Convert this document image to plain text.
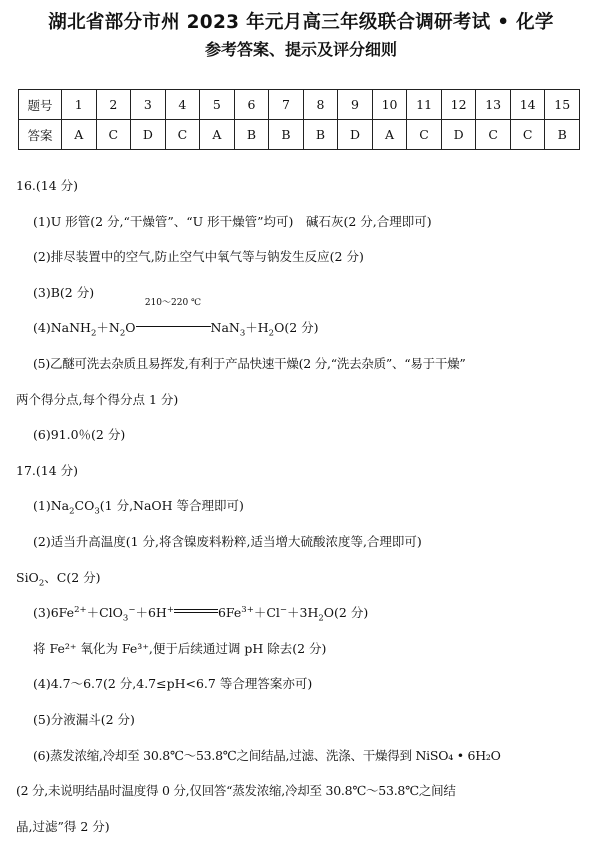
湖北省部分市州 2023 年元月高三年级联合调研考试 • 化学
参考答案、提示及评分细则
题号	1	2	3	4	5	6	7	8	9	10	11	12	13	14	15
答案	A	C	D	C	A	B	B	B	D	A	C	D	C	C	B
16.(14 分)
(1)U 形管(2 分,“干燥管”、“U 形干燥管”均可)　碱石灰(2 分,合理即可)
(2)排尽装置中的空气,防止空气中氧气等与钠发生反应(2 分)
(3)B(2 分)
$(4)NaNH_2+N_2O$
210～220 ℃
$NaN_3+H_2O(2$ 分)
(5)乙醚可洗去杂质且易挥发,有利于产品快速干燥(2 分,“洗去杂质”、“易于干燥”
两个得分点,每个得分点 1 分)
(6)91.0％(2 分)
17.(14 分)
$(1)Na_2CO_3(1$ 分,NaOH 等合理即可)
(2)适当升高温度(1 分,将含镍废料粉粹,适当增大硫酸浓度等,合理即可)
SiO$_2$、C(2 分)
$(3)6Fe^{2+}+ClO_3^-+6H^+$	$6Fe^{3+}+Cl^-+3H_2O(2$ 分)
将 Fe²⁺ 氧化为 Fe³⁺,便于后续通过调 pH 除去(2 分)
(4)4.7～6.7(2 分,4.7≤pH<6.7 等合理答案亦可)
(5)分液漏斗(2 分)
(6)蒸发浓缩,冷却至 30.8℃～53.8℃之间结晶,过滤、洗涤、干燥得到 NiSO₄ • 6H₂O
(2 分,未说明结晶时温度得 0 分,仅回答“蒸发浓缩,冷却至 30.8℃～53.8℃之间结
晶,过滤”得 2 分)
